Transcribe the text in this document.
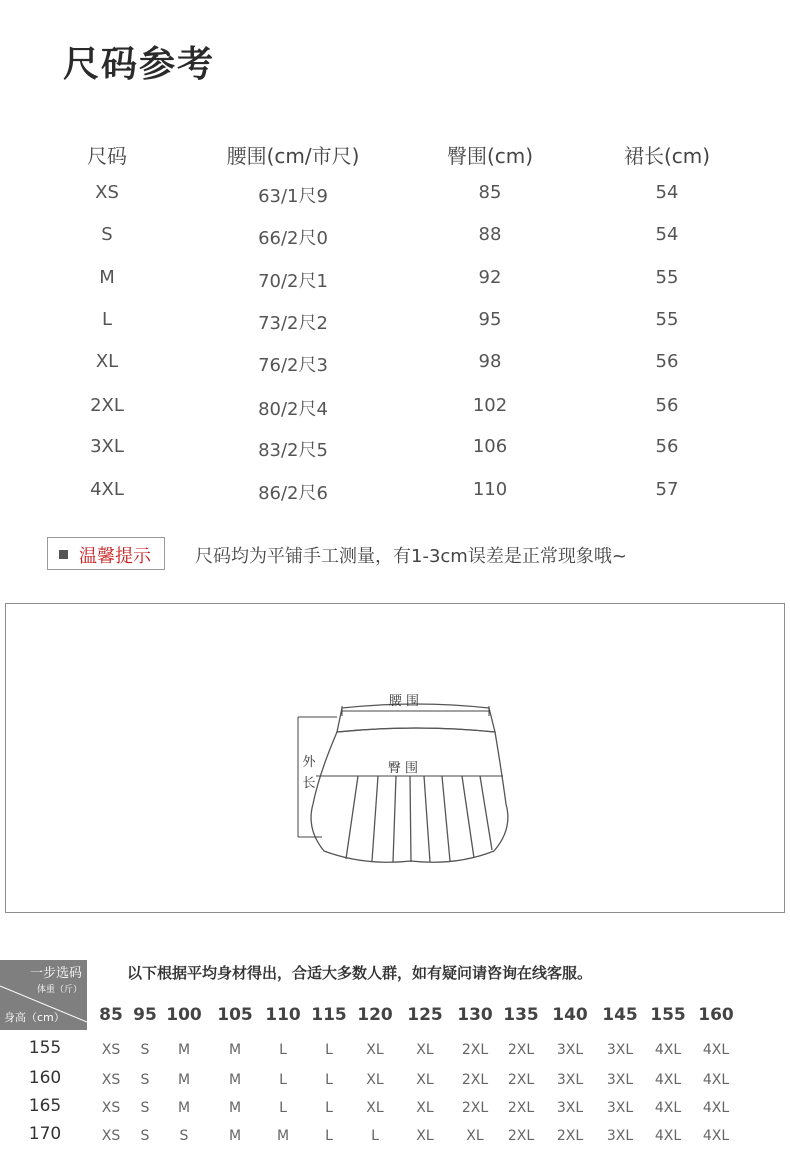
尺码参考
尺码	腰围(cm/市尺)	臀围(cm)	裙长(cm)
XS	63/1尺9	85	54
S	66/2尺0	88	54
M	70/2尺1	92	55
L	73/2尺2	95	55
XL	76/2尺3	98	56
2XL	80/2尺4	102	56
3XL	83/2尺5	106	56
4XL	86/2尺6	110	57
温馨提示 尺码均为平铺手工测量，有1-3cm误差是正常现象哦~
腰 围
臀 围
外
长
一步选码
体重（斤）
身高（cm）
以下根据平均身材得出，合适大多数人群，如有疑问请咨询在线客服。
85 95 100 105 110 115 120 125 130 135 140 145 155 160
155	XS S M	M	L	L XL XL 2XL 2XL 3XL 3XL 4XL 4XL
160	XS S M	M	L	L XL XL 2XL 2XL 3XL 3XL 4XL 4XL
165	XS S M	M	L	L XL XL 2XL 2XL 3XL 3XL 4XL 4XL
170	XS S S	M	M	L	L	XL XL 2XL 2XL 3XL 4XL 4XL
